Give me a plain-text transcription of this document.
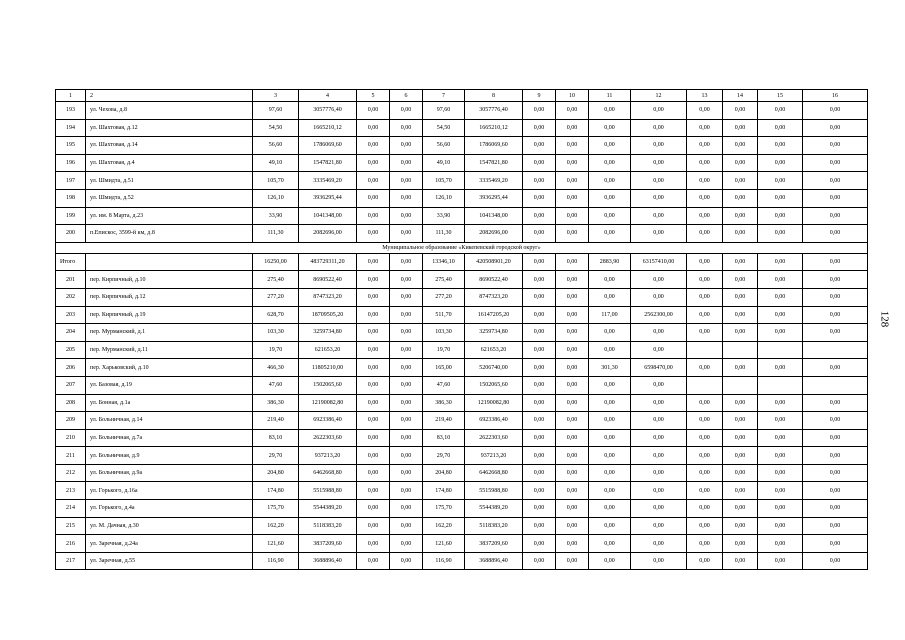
1	2	3	4	5	6	7	8	9	10	11	12	13	14	15	16
193	ул. Чехова, д.8	97,60	3057776,40	0,00	0,00	97,60	3057776,40	0,00	0,00	0,00	0,00	0,00	0,00	0,00	0,00
194	ул. Шахтовая, д.12	54,50	1665210,12	0,00	0,00	54,50	1665210,12	0,00	0,00	0,00	0,00	0,00	0,00	0,00	0,00
195	ул. Шахтовая, д.14	56,60	1786069,60	0,00	0,00	56,60	1786069,60	0,00	0,00	0,00	0,00	0,00	0,00	0,00	0,00
196	ул. Шахтовая, д.4	49,10	1547821,80	0,00	0,00	49,10	1547821,80	0,00	0,00	0,00	0,00	0,00	0,00	0,00	0,00
197	ул. Шмидта, д.51	105,70	3335469,20	0,00	0,00	105,70	3335469,20	0,00	0,00	0,00	0,00	0,00	0,00	0,00	0,00
198	ул. Шмидта, д.52	126,10	3936295,44	0,00	0,00	126,10	3936295,44	0,00	0,00	0,00	0,00	0,00	0,00	0,00	0,00
199	ул. им. 8 Марта, д.23	33,90	1041348,00	0,00	0,00	33,90	1041348,00	0,00	0,00	0,00	0,00	0,00	0,00	0,00	0,00
200	п.Епискос, 3599-й км, д.8	111,30	2082696,00	0,00	0,00	111,30	2082696,00	0,00	0,00	0,00	0,00	0,00	0,00	0,00	0,00
Муниципальное образование «Кикепевский городской округ»															
Итого		16250,00	483729311,20	0,00	0,00	13346,10	420508901,20	0,00	0,00	2883,90	63157410,00	0,00	0,00	0,00	0,00
201	пер. Кирпичный, д.10	275,40	8690522,40	0,00	0,00	275,40	8690522,40	0,00	0,00	0,00	0,00	0,00	0,00	0,00	0,00
202	пер. Кирпичный, д.12	277,20	8747323,20	0,00	0,00	277,20	8747323,20	0,00	0,00	0,00	0,00	0,00	0,00	0,00	0,00
203	пер. Кирпичный, д.19	628,70	18709505,20	0,00	0,00	511,70	16147205,20	0,00	0,00	117,00	2562300,00	0,00	0,00	0,00	0,00
204	пер. Мурманский, д.1	103,30	3259734,80	0,00	0,00	103,30	3259734,80	0,00	0,00	0,00	0,00	0,00	0,00	0,00	0,00
205	пер. Мурманский, д.11	19,70	621653,20	0,00	0,00	19,70	621653,20	0,00	0,00	0,00	0,00				
206	пер. Харьковский, д.10	466,30	11805210,00	0,00	0,00	165,00	5206740,00	0,00	0,00	301,30	6598470,00	0,00	0,00	0,00	0,00
207	ул. Базовая, д.19	47,60	1502065,60	0,00	0,00	47,60	1502065,60	0,00	0,00	0,00	0,00				
208	ул. Бонная, д.1а	386,30	12190082,80	0,00	0,00	386,30	12190082,80	0,00	0,00	0,00	0,00	0,00	0,00	0,00	0,00
209	ул. Больничная, д.14	219,40	6923386,40	0,00	0,00	219,40	6923386,40	0,00	0,00	0,00	0,00	0,00	0,00	0,00	0,00
210	ул. Больничная, д.7а	83,10	2622303,60	0,00	0,00	83,10	2622303,60	0,00	0,00	0,00	0,00	0,00	0,00	0,00	0,00
211	ул. Больничная, д.9	29,70	937213,20	0,00	0,00	29,70	937213,20	0,00	0,00	0,00	0,00	0,00	0,00	0,00	0,00
212	ул. Больничная, д.9а	204,80	6462668,80	0,00	0,00	204,80	6462668,80	0,00	0,00	0,00	0,00	0,00	0,00	0,00	0,00
213	ул. Горького, д.16а	174,80	5515988,80	0,00	0,00	174,80	5515988,80	0,00	0,00	0,00	0,00	0,00	0,00	0,00	0,00
214	ул. Горького, д.4а	175,70	5544389,20	0,00	0,00	175,70	5544389,20	0,00	0,00	0,00	0,00	0,00	0,00	0,00	0,00
215	ул. М. Дачная, д.30	162,20	5118383,20	0,00	0,00	162,20	5118383,20	0,00	0,00	0,00	0,00	0,00	0,00	0,00	0,00
216	ул. Заречная, д.24а	121,60	3837209,60	0,00	0,00	121,60	3837209,60	0,00	0,00	0,00	0,00	0,00	0,00	0,00	0,00
217	ул. Заречная, д.55	116,90	3688896,40	0,00	0,00	116,90	3688896,40	0,00	0,00	0,00	0,00	0,00	0,00	0,00	0,00
128
